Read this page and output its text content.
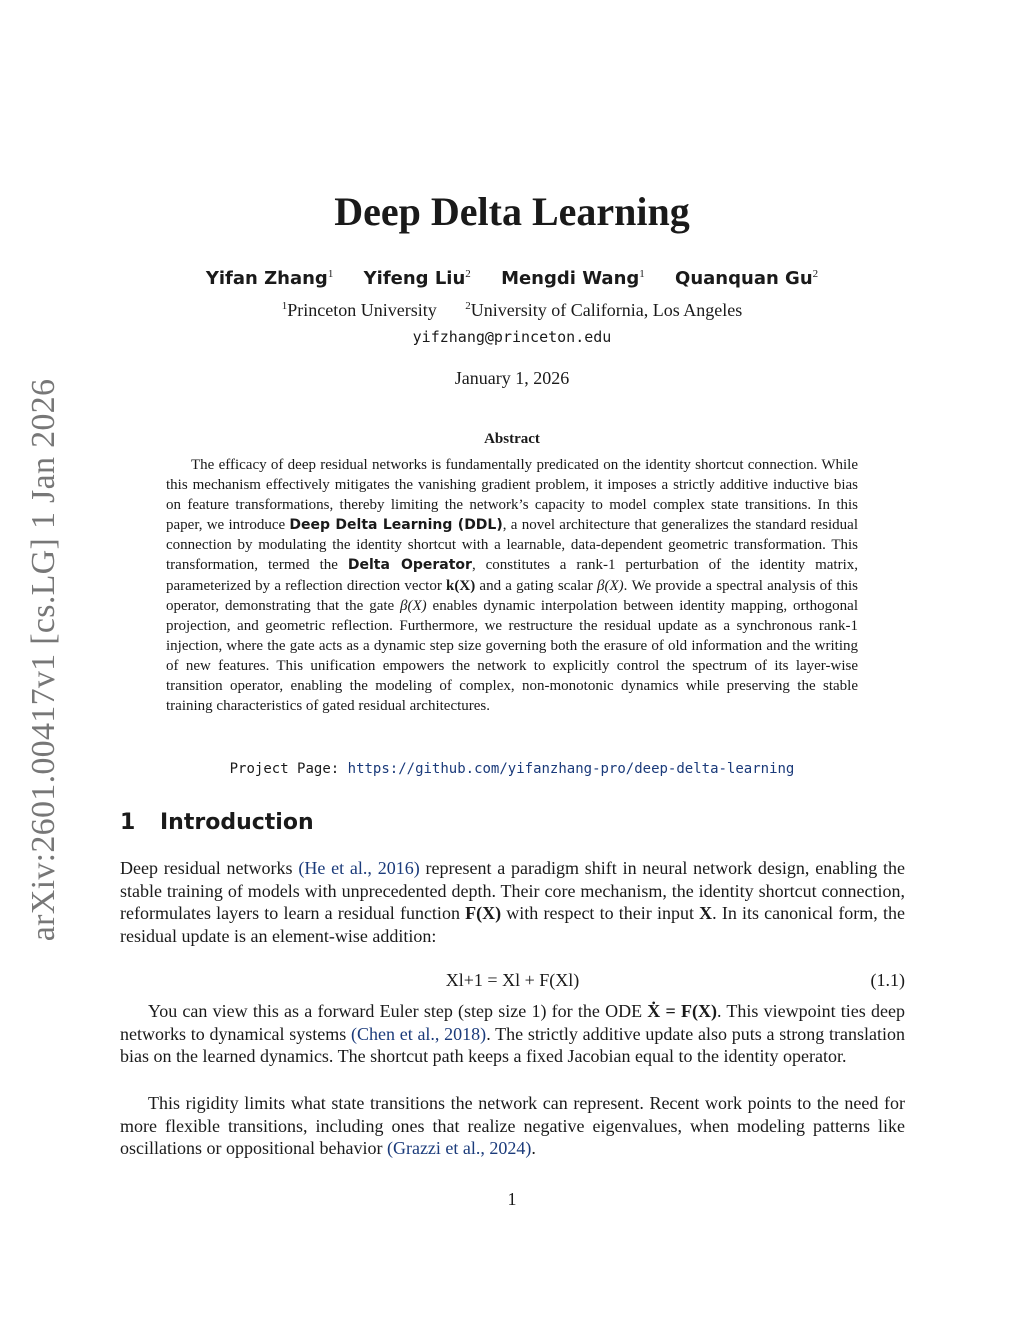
arXiv:2601.00417v1 [cs.LG] 1 Jan 2026
Deep Delta Learning
Yifan Zhang$^1$ Yifeng Liu$^2$ Mengdi Wang$^1$ Quanquan Gu$^2$
$^1$Princeton University	$^2$University of California, Los Angeles
yifzhang@princeton.edu
January 1, 2026
Abstract

The efficacy of deep residual networks is fundamentally predicated on the identity shortcut connection. While this mechanism effectively mitigates the vanishing gradient problem, it imposes a strictly additive inductive bias on feature transformations, thereby limiting the network’s capacity to model complex state transitions. In this paper, we introduce Deep Delta Learning (DDL), a novel architecture that generalizes the standard residual connection by modulating the identity shortcut with a learnable, data-dependent geometric transformation. This transformation, termed the Delta Operator, constitutes a rank-1 perturbation of the identity matrix, parameterized by a reflection direction vector k(X) and a gating scalar β(X). We provide a spectral analysis of this operator, demonstrating that the gate β(X) enables dynamic interpolation between identity mapping, orthogonal projection, and geometric reflection. Furthermore, we restructure the residual update as a synchronous rank-1 injection, where the gate acts as a dynamic step size governing both the erasure of old information and the writing of new features. This unification empowers the network to explicitly control the spectrum of its layer-wise transition operator, enabling the modeling of complex, non-monotonic dynamics while preserving the stable training characteristics of gated residual architectures.

Project Page: https://github.com/yifanzhang-pro/deep-delta-learning
1 Introduction

Deep residual networks (He et al., 2016) represent a paradigm shift in neural network design, enabling the stable training of models with unprecedented depth. Their core mechanism, the identity shortcut connection, reformulates layers to learn a residual function F(X) with respect to their input X. In its canonical form, the residual update is an element-wise addition:

Xl+1 = Xl + F(Xl)	(1.1)

You can view this as a forward Euler step (step size 1) for the ODE Ẋ = F(X). This viewpoint ties deep networks to dynamical systems (Chen et al., 2018). The strictly additive update also puts a strong translation bias on the learned dynamics. The shortcut path keeps a fixed Jacobian equal to the identity operator.

This rigidity limits what state transitions the network can represent. Recent work points to the need for more flexible transitions, including ones that realize negative eigenvalues, when modeling patterns like oscillations or oppositional behavior (Grazzi et al., 2024).

1
